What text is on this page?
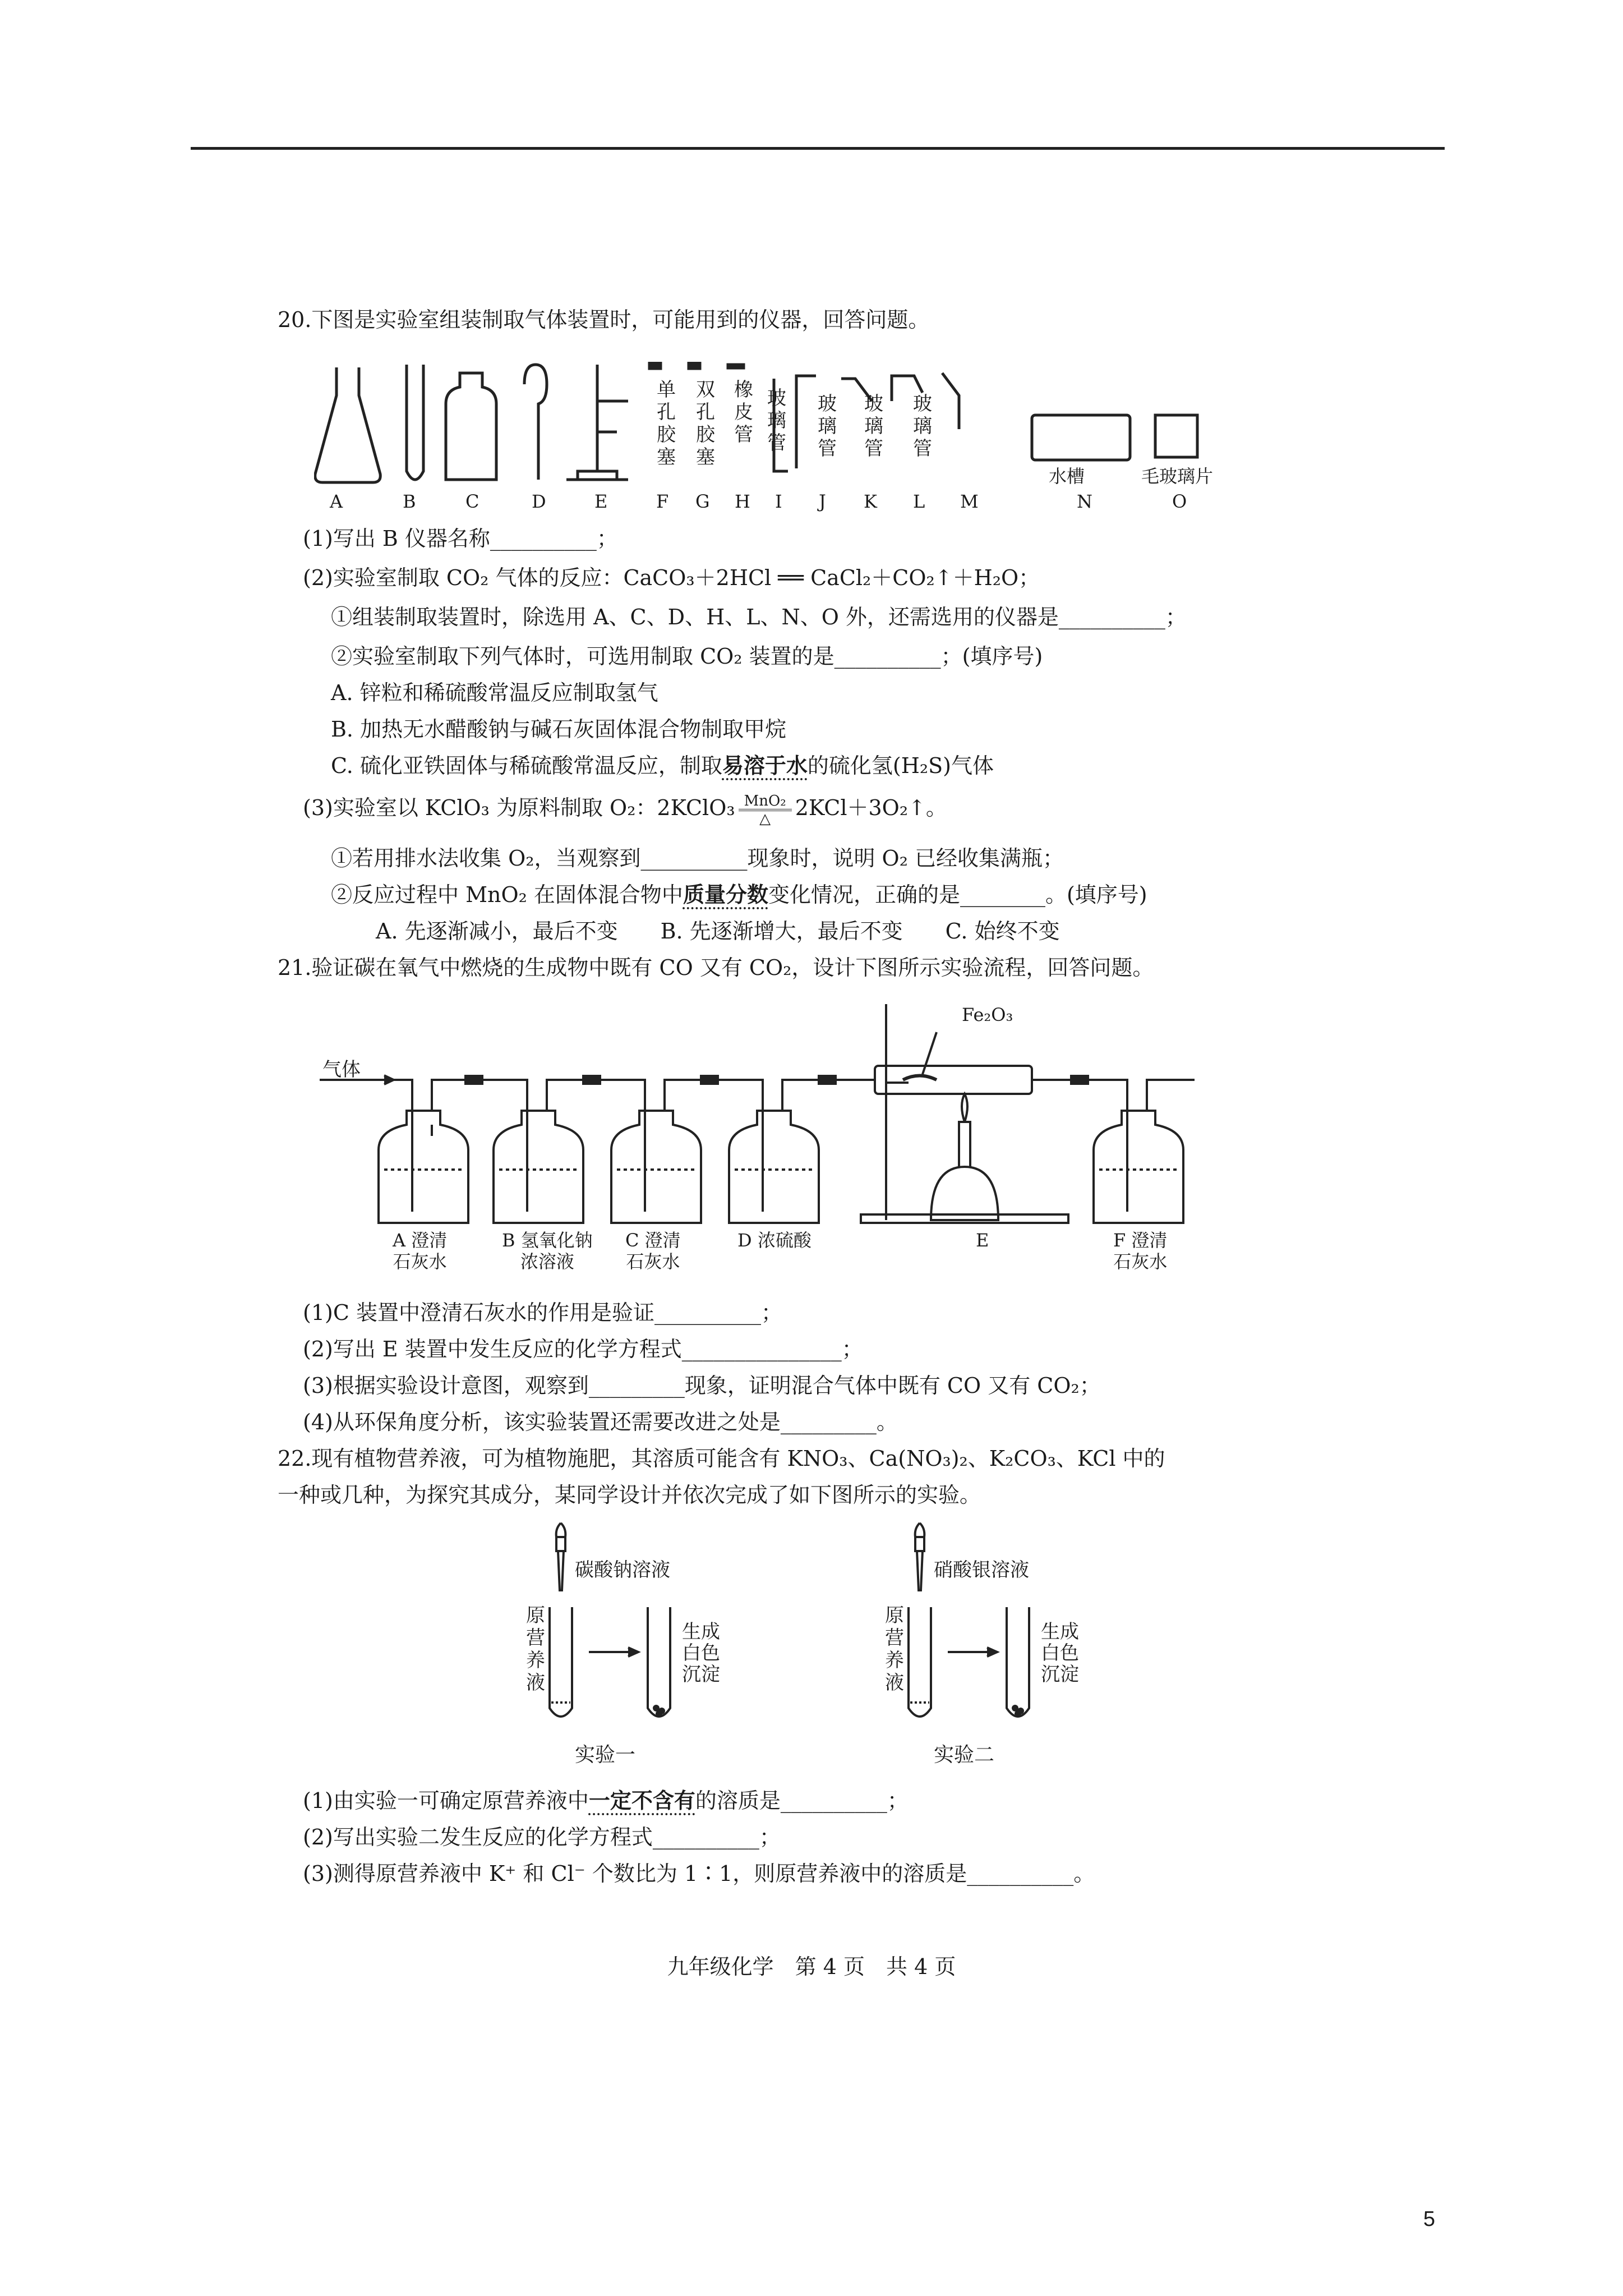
20.下图是实验室组装制取气体装置时，可能用到的仪器，回答问题。
单孔胶塞
双孔胶塞
橡皮管
玻璃管
玻璃管
玻璃管
玻璃管
水槽	毛玻璃片
A	B	C	D	E	F G H I J K L M	N	O
(1)写出 B 仪器名称__________；
(2)实验室制取 CO₂ 气体的反应：CaCO₃＋2HCl ══ CaCl₂＋CO₂↑＋H₂O；
①组装制取装置时，除选用 A、C、D、H、L、N、O 外，还需选用的仪器是__________；
②实验室制取下列气体时，可选用制取 CO₂ 装置的是__________；(填序号)
A. 锌粒和稀硫酸常温反应制取氢气
B. 加热无水醋酸钠与碱石灰固体混合物制取甲烷
C. 硫化亚铁固体与稀硫酸常温反应，制取易溶于水的硫化氢(H₂S)气体
(3)实验室以 KClO₃ 为原料制取 O₂：2KClO₃ $\frac{\text{MnO₂}}{\triangle}$ 2KCl＋3O₂↑。
①若用排水法收集 O₂，当观察到__________现象时，说明 O₂ 已经收集满瓶；
②反应过程中 MnO₂ 在固体混合物中质量分数变化情况，正确的是________。(填序号)
A. 先逐渐减小，最后不变　　B. 先逐渐增大，最后不变　　C. 始终不变
21.验证碳在氧气中燃烧的生成物中既有 CO 又有 CO₂，设计下图所示实验流程，回答问题。
气体
Fe₂O₃
A 澄清
石灰水
B 氢氧化钠
浓溶液
C 澄清
石灰水
D 浓硫酸	E	F 澄清
石灰水
(1)C 装置中澄清石灰水的作用是验证__________；
(2)写出 E 装置中发生反应的化学方程式_______________；
(3)根据实验设计意图，观察到_________现象，证明混合气体中既有 CO 又有 CO₂；
(4)从环保角度分析，该实验装置还需要改进之处是_________。
22.现有植物营养液，可为植物施肥，其溶质可能含有 KNO₃、Ca(NO₃)₂、K₂CO₃、KCl 中的
一种或几种，为探究其成分，某同学设计并依次完成了如下图所示的实验。
碳酸钠溶液	硝酸银溶液
原营养液
原营养液
生成白色沉淀
生成白色沉淀
实验一	实验二
(1)由实验一可确定原营养液中一定不含有的溶质是__________；
(2)写出实验二发生反应的化学方程式__________；
(3)测得原营养液中 K⁺ 和 Cl⁻ 个数比为 1∶1，则原营养液中的溶质是__________。
九年级化学　第 4 页　共 4 页
5
